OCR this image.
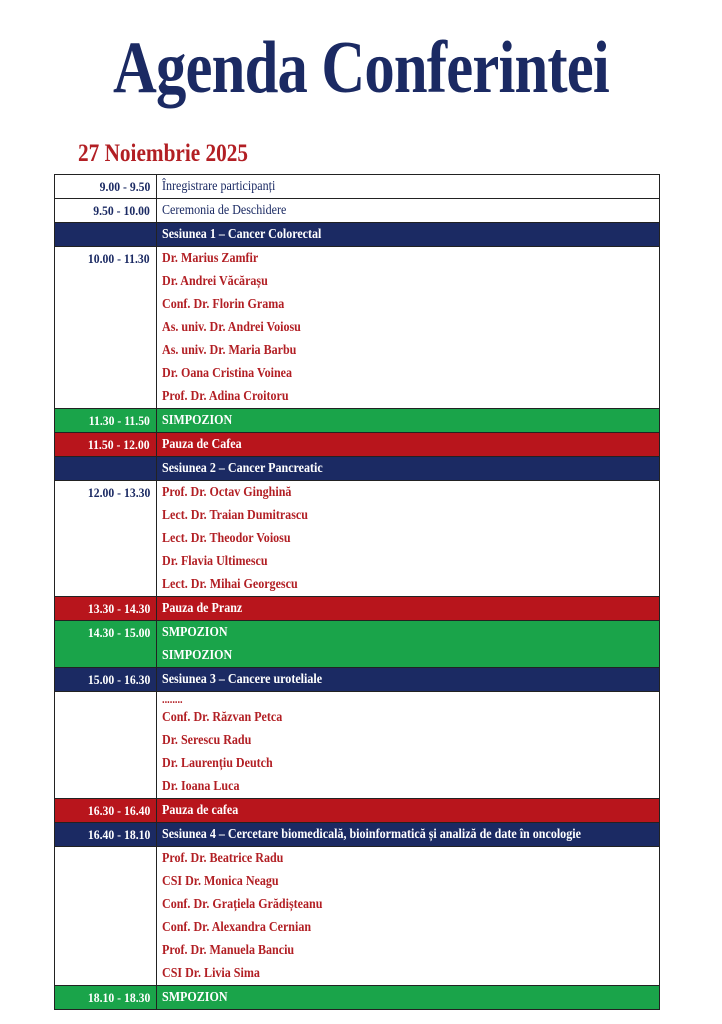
Agenda Conferintei
27 Noiembrie 2025
9.00 - 9.50 Înregistrare participanți
9.50 - 10.00 Ceremonia de Deschidere
Sesiunea 1 – Cancer Colorectal
10.00 - 11.30 Dr. Marius Zamfir
Dr. Andrei Văcărașu
Conf. Dr. Florin Grama
As. univ. Dr. Andrei Voiosu
As. univ. Dr. Maria Barbu
Dr. Oana Cristina Voinea
Prof. Dr. Adina Croitoru
11.30 - 11.50 SIMPOZION
11.50 - 12.00 Pauza de Cafea
Sesiunea 2 – Cancer Pancreatic
12.00 - 13.30 Prof. Dr. Octav Ginghină
Lect. Dr. Traian Dumitrascu
Lect. Dr. Theodor Voiosu
Dr. Flavia Ultimescu
Lect. Dr. Mihai Georgescu
13.30 - 14.30 Pauza de Pranz
14.30 - 15.00 SMPOZION
SIMPOZION
15.00 - 16.30 Sesiunea 3 – Cancere uroteliale
........
Conf. Dr. Răzvan Petca
Dr. Serescu Radu
Dr. Laurențiu Deutch
Dr. Ioana Luca
16.30 - 16.40 Pauza de cafea
16.40 - 18.10 Sesiunea 4 – Cercetare biomedicală, bioinformatică și analiză de date în oncologie
Prof. Dr. Beatrice Radu
CSI Dr. Monica Neagu
Conf. Dr. Grațiela Grădișteanu
Conf. Dr. Alexandra Cernian
Prof. Dr. Manuela Banciu
CSI Dr. Livia Sima
18.10 - 18.30 SMPOZION
